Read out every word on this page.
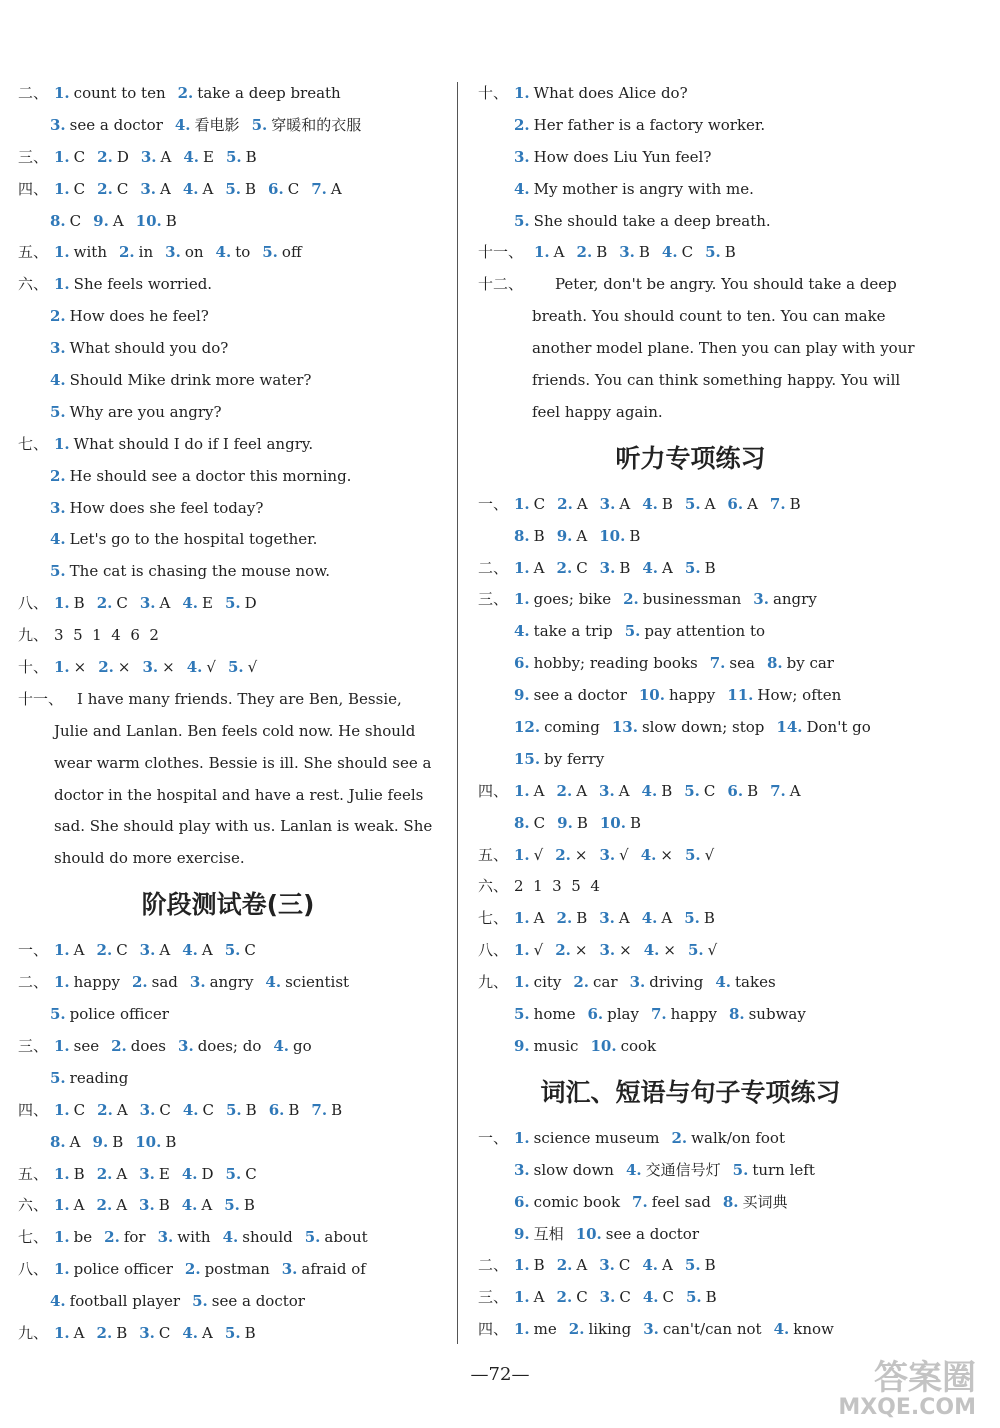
二、 1. count to ten 2. take a deep breath
3. see a doctor 4. 看电影 5. 穿暖和的衣服
三、 1. C 2. D 3. A 4. E 5. B
四、 1. C 2. C 3. A 4. A 5. B 6. C 7. A
8. C 9. A 10. B
五、 1. with 2. in 3. on 4. to 5. off
六、 1. She feels worried.
2. How does he feel?
3. What should you do?
4. Should Mike drink more water?
5. Why are you angry?
七、 1. What should I do if I feel angry.
2. He should see a doctor this morning.
3. How does she feel today?
4. Let's go to the hospital together.
5. The cat is chasing the mouse now.
八、 1. B 2. C 3. A 4. E 5. D
九、 3  5  1  4  6  2
十、 1. × 2. × 3. × 4. √ 5. √
十一、 I have many friends. They are Ben, Bessie,
Julie and Lanlan. Ben feels cold now. He should
wear warm clothes. Bessie is ill. She should see a
doctor in the hospital and have a rest. Julie feels
sad. She should play with us. Lanlan is weak. She
should do more exercise.
阶段测试卷(三)
一、 1. A 2. C 3. A 4. A 5. C
二、 1. happy 2. sad 3. angry 4. scientist
5. police officer
三、 1. see 2. does 3. does; do 4. go
5. reading
四、 1. C 2. A 3. C 4. C 5. B 6. B 7. B
8. A 9. B 10. B
五、 1. B 2. A 3. E 4. D 5. C
六、 1. A 2. A 3. B 4. A 5. B
七、 1. be 2. for 3. with 4. should 5. about
八、 1. police officer 2. postman 3. afraid of
4. football player 5. see a doctor
九、 1. A 2. B 3. C 4. A 5. B
十、 1. What does Alice do?
2. Her father is a factory worker.
3. How does Liu Yun feel?
4. My mother is angry with me.
5. She should take a deep breath.
十一、 1. A 2. B 3. B 4. C 5. B
十二、 Peter, don't be angry. You should take a deep
breath. You should count to ten. You can make
another model plane. Then you can play with your
friends. You can think something happy. You will
feel happy again.
听力专项练习
一、 1. C 2. A 3. A 4. B 5. A 6. A 7. B
8. B 9. A 10. B
二、 1. A 2. C 3. B 4. A 5. B
三、 1. goes; bike 2. businessman 3. angry
4. take a trip 5. pay attention to
6. hobby; reading books 7. sea 8. by car
9. see a doctor 10. happy 11. How; often
12. coming 13. slow down; stop 14. Don't go
15. by ferry
四、 1. A 2. A 3. A 4. B 5. C 6. B 7. A
8. C 9. B 10. B
五、 1. √ 2. × 3. √ 4. × 5. √
六、 2  1  3  5  4
七、 1. A 2. B 3. A 4. A 5. B
八、 1. √ 2. × 3. × 4. × 5. √
九、 1. city 2. car 3. driving 4. takes
5. home 6. play 7. happy 8. subway
9. music 10. cook
词汇、短语与句子专项练习
一、 1. science museum 2. walk/on foot
3. slow down 4. 交通信号灯 5. turn left
6. comic book 7. feel sad 8. 买词典
9. 互相 10. see a doctor
二、 1. B 2. A 3. C 4. A 5. B
三、 1. A 2. C 3. C 4. C 5. B
四、 1. me 2. liking 3. can't/can not 4. know
—72—	答案圈
MXQE.COM
